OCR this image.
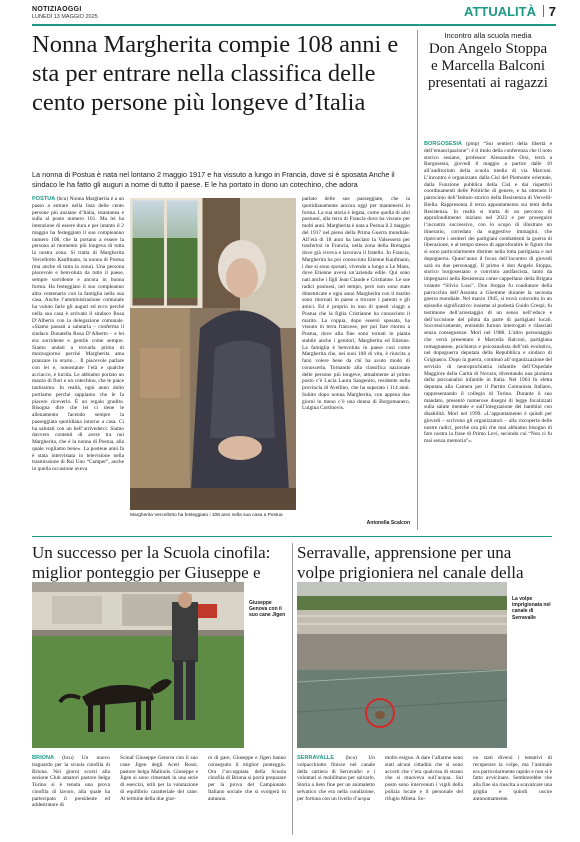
NOTIZIAOGGI
LUNEDÌ 13 MAGGIO 2025	ATTUALITÀ 7
Nonna Margherita compie 108 anni e sta per entrare nella classifica delle cento persone più longeve d’Italia
La nonna di Postua è nata nel lontano 2 maggio 1917 e ha vissuto a lungo in Francia, dove si è sposata Anche il sindaco le ha fatto gli auguri a nome di tutto il paese. E le ha portato in dono un cotechino, che adora
POSTUA (bcu) Nonna Margherita è a un passo a entrare nella lista delle cento persone più anziane d’Italia, istantanea e sulla al posto numero 101. Ma lei ha intenzione di essere dura e per intanto il 2 maggio ha festeggiato il suo compleanno numero 108, che la portano a essere la persona al momento più longeva di tutta la nostra zona. Si tratta di Margherita Vercellotto Kaufmann, la nonna di Postua (ma anche di tutta la zona). Una persona piacevole e benvoluta da tutto il paese, sempre sorridente e ancora in buona forma. Ha festeggiato il suo compleanno altra centenario con la famiglia nella sua casa. Anche l’amministrazione comunale ha voluto farle gli auguri ed ecco perché nella sua casa è arrivato il sindaco Rosa D’Alberto con la delegazione comunale. «Siamo passati a salutarla – conferma il sindaco Donatella Rosa D’Alberto – e lei era sorridente e gentile come sempre. Siamo andati a trovarla prima di mezzogiorno perché Margherita ama pranzare in orario… Il piacevole parlare con lei e, nonostante l’età e qualche acciacco, è lucida. Le abbiamo portato un mazzo di fiori e un cotechino, che le piace tantissimo. In realtà, ogni anno dolio portiamo perché sappiamo che le fa piacere riceverlo. È un regalo gradito. Bisogna dire che lei ci tiene le allenamento facendo sempre la passeggiata quotidiana intorno a casa. Ci ha salutati con un bell’arrivederci. Siamo davvero contenti di avere tra noi Margherita, che è la nonna di Postua, alla quale vogliamo bene». La posteue anni fa è stata intervistata in televisione nella trasmissione di Rai Uno “Camper”, anche in quella occasione aveva
Margherita Vercellotto ha festeggiato i 108 anni nella sua casa a Postua
parlato delle sue passeggiate, che la quotidianamente ancora oggi per mantenersi in forma. La sua storia è legata, come quella di altri postuesi, alla terra di Francia dove ha vissuto per molti anni. Margherita è nata a Postua il 2 maggio del 1917 nel pieno della Prima Guerra mondiale. All’età di 18 anni ha lasciato la Valsessera per trasferirsi in Francia, nella zona della Bretagna dove già viveva e lavorava il fratello. In Francia, Margherita ha poi conosciuto Etienne Kaufmann, i due si sono sposati, vivendo a lungo a Le Mans, dove Etienne aveva un’azienda edile. Qui sono nati anche i figli Jean Claude e Cristianne. Le sue radici postuesi, nel tempo, però non sono state dimenticate e ogni anno Margherita con il marito sono ritornati in paese a trovare i parenti e gli amici. Ed è proprio in uno di questi viaggi a Postua che la figlia Cristianne ha conosciuto il marito. La coppia, dopo essersi sposata, ha vissuto in terra francese, per poi fare ritorno a Postua, dove alla fine sono tornati in pianta stabile anche i genitori, Margherita ed Etienne. La famiglia è benvoluta in paese così come Margherita che, nei suoi 108 di vita, è riuscita a farsi volere bene da chi ha avuto modo di conoscerla. Tornando alla classifica nazionale delle persone più longeve, attualmente al primo posto c’è Lucia Laura Sangenito, residente nella provincia di Avellino, che ha superato i 114 anni. Subito dopo nonna Margherita, con appena due giorni in meno c’è una donna di Borgomanero, Luigina Cortinovis.
Antonella Scalcon
Incontro alla scuola media
Don Angelo Stoppa e Marcella Balconi presentati ai ragazzi
BORGOSESIA (pmp) “Sui sentieri della libertà e dell’emancipazione”: è il titolo della conferenza che il noto storico sesiano, professor Alessandro Orsi, terrà a Borgosesia, giovedì 8 maggio a partire dalle 10 all’auditorium della scuola media di via Marconi. L’incontro è organizzato dalla Cisl del Piemonte orientale, dalla Funzione pubblica della Cisl e dai rispettivi coordinamenti delle Politiche di genere, e ha ottenuto il patrocinio dell’Istituto storico della Resistenza di Vercelli-Biella. Rappresenta il terzo appuntamento sui temi della Resistenza. In realtà si tratta di un percorso di approfondimento iniziato nel 2022 e per proseguire l’incontro successivo, con lo scopo di illustrare un itinerario, corredato da suggestive immagini, che ripercorre i sentieri dei partigiani combattenti la guerra di liberazione, e al tempo stesso di approfondire le figure che si sono particolarmente distinte nella lotta partigiana e nel dopoguerra. Quest’anno il focus dell’incontro di giovedì sarà su due personaggi. Il primo è don Angelo Stoppa, storico borgosesiano e convinto antifascista, tanto da impegnarsi nella Resistenza come cappellano della Brigata volante “Silvio Loss”. Don Stoppa fu coadiutore della parrocchia dell’Assunta a Ghemme durante la seconda guerra mondiale. Nel marzo 1945, si trovò coinvolto in un episodio significativo: insieme al podestà Guido Crespi, fu testimone dell’arrestaggio di un senso nell’edoce e dell’uccisione del pilota da parte di partigiani locali. Successivamente, entrambi furono interrogati e rilasciati senza conseguenze. Morì nel 1988. L’altro personaggio che verrà presentato è Marcella Balconi, partigiana romagnanese, psichiatra e psicoanalista dell’età evolutiva, nel dopoguerra deputata della Repubblica e sindaco di Grignasco. Dopo la guerra, continuò all’organizzazione del servizio di neuropsichiatria infantile dell’Ospedale Maggiore della Carità di Novara, diventando una pioniera della psicoanalisi infantile in Italia. Nel 1963 fu eletta deputata alla Camera per il Partito Comunista Italiano, rappresentando il collegio di Torino. Durante il suo mandato, presentò numerose disegni di legge focalizzati sulla salute mentale e sull’integrazione dei bambini con disabilità. Morì nel 1999. «L’appuntamento è quindi per giovedì – scrivono gli organizzatori – alla riscoperta delle nostre radici, perché ora più che mai abbiamo bisogno di fare nostra la frase di Primo Levi, secondo cui “Non ci fu mai senza memoria”».
Un successo per la Scuola cinofila: miglior ponteggio per Giuseppe e
Giuseppe Genova con il suo cane Jigen
BRIONA (bcu) Un nuovo traguardo per la scuola cinofila di Briona. Nei giorni scorsi alla sezione Club amatori pastore belga Torino si è tenuta una prova cinofila di lavoro, alla quale ha partecipato il presidente ed addestratore di
Scinaf Giuseppe Genova con il suo cane Jigen degli Aceri Rossi, pastore belga Malinois. Giuseppe e Jigen si sono cimentati in una serie di esercizi, utili per la valutazione di equilibrio caratteriale del cane. Al termine della due gior-
ni di gare, Giuseppe e Jigen hanno conseguito il miglior ponteggio. Ora l’accoppiata della Scuola cinofila di Briona si porrà preparare per la prova del Campionato Italiano sociale che si svolgerà in autunno.
Serravalle, apprensione per una volpe prigioniera nel canale della
La volpe imprigionata nel canale di Serravalle
SERRAVALLE (bcu) Un volpacchiotto finisce nel canale della cartiera di Serravalle: e i volontari si mobilitano per salvarlo. Storia a lieto fine per un animaletto selvatico che era nella condizione, per fortuna con un livello d’acqua
molto esiguo. A dare l’allarme sono stati alcuni cittadini che si sono accorti che c’era qualcosa di strano che si muoveva sull’acqua. Sul posto sono intervenuti i vigili della polizia locale e il personale del rifugio Mileta. So-
no stati diversi i tentativi di recuperare la volpe, ma l’animale era particolarmente rapido e non si è fatto avvicinare. Sembrerebbe che alla fine sia riuscita a scavalcare una griglia e quindi uscire autonomamente.
